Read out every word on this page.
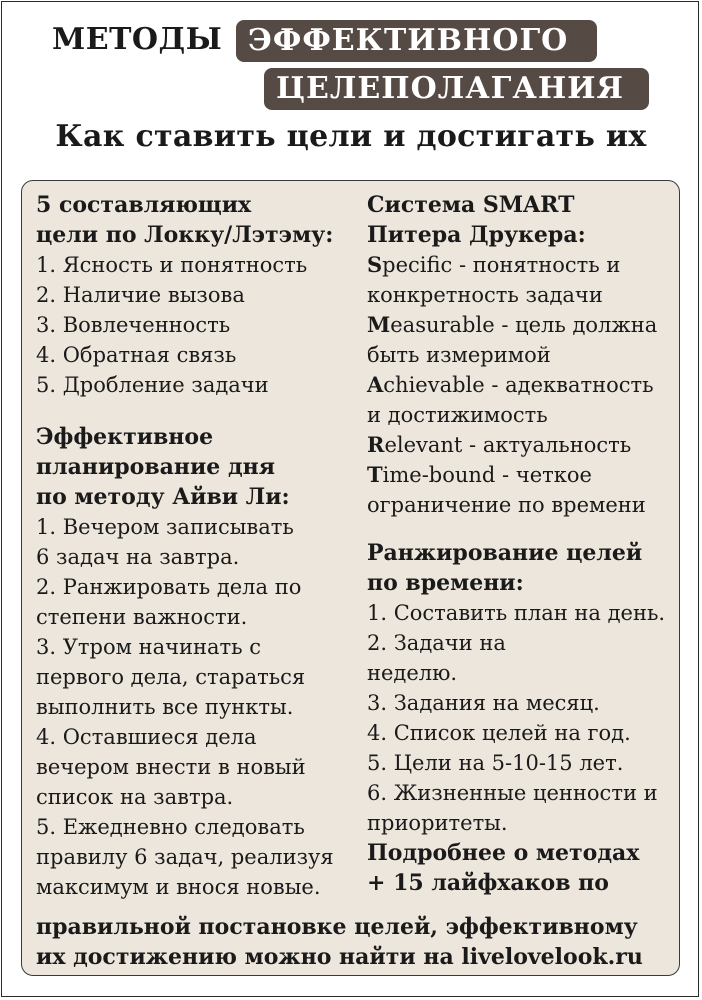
МЕТОДЫ ЭФФЕКТИВНОГО
ЦЕЛЕПОЛАГАНИЯ
Как ставить цели и достигать их
5 составляющих
цели по Локку/Лэтэму:
1. Ясность и понятность
2. Наличие вызова
3. Вовлеченность
4. Обратная связь
5. Дробление задачи
Эффективное
планирование дня
по методу Айви Ли:
1. Вечером записывать
6 задач на завтра.
2. Ранжировать дела по
степени важности.
3. Утром начинать с
первого дела, стараться
выполнить все пункты.
4. Оставшиеся дела
вечером внести в новый
список на завтра.
5. Ежедневно следовать
правилу 6 задач, реализуя
максимум и внося новые.
Система SMART
Питера Друкера:
Specific - понятность и
конкретность задачи
Measurable - цель должна
быть измеримой
Achievable - адекватность
и достижимость
Relevant - актуальность
Time-bound - четкое
ограничение по времени
Ранжирование целей
по времени:
1. Составить план на день.
2. Задачи на
неделю.
3. Задания на месяц.
4. Список целей на год.
5. Цели на 5-10-15 лет.
6. Жизненные ценности и
приоритеты.
Подробнее о методах
+ 15 лайфхаков по
правильной постановке целей, эффективному
их достижению можно найти на livelovelook.ru
